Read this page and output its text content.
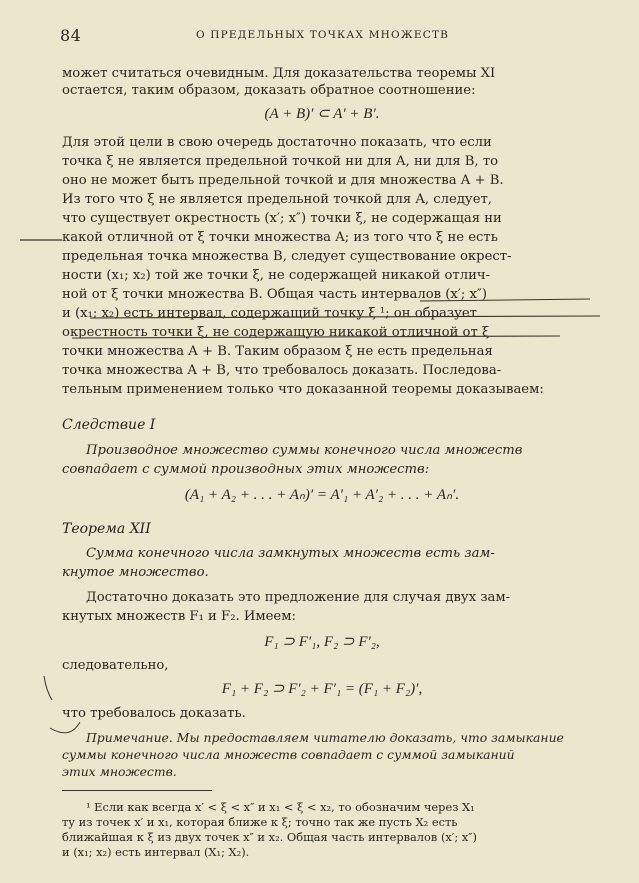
84	О ПРЕДЕЛЬНЫХ ТОЧКАХ МНОЖЕСТВ
может считаться очевидным. Для доказательства теоремы XI
остается, таким образом, доказать обратное соотношение:
(A + B)′ ⊂ A′ + B′.
Для этой цели в свою очередь достаточно показать, что если
точка ξ не является предельной точкой ни для A, ни для B, то
оно не может быть предельной точкой и для множества A + B.
Из того что ξ не является предельной точкой для A, следует,
что существует окрестность (x′; x″) точки ξ, не содержащая ни
какой отличной от ξ точки множества A; из того что ξ не есть
предельная точка множества B, следует существование окрест-
ности (x₁; x₂) той же точки ξ, не содержащей никакой отлич-
ной от ξ точки множества B. Общая часть интервалов (x′; x″)
и (x₁; x₂) есть интервал, содержащий точку ξ ¹; он образует
окрестность точки ξ, не содержащую никакой отличной от ξ
точки множества A + B. Таким образом ξ не есть предельная
точка множества A + B, что требовалось доказать. Последова-
тельным применением только что доказанной теоремы доказываем:
Следствие I
Производное множество суммы конечного числа множеств
совпадает с суммой производных этих множеств:
(A₁ + A₂ + . . . + Aₙ)′ = A′₁ + A′₂ + . . . + Aₙ′.
Теорема XII
Сумма конечного числа замкнутых множеств есть зам-
кнутое множество.
Достаточно доказать это предложение для случая двух зам-
кнутых множеств F₁ и F₂. Имеем:
F₁ ⊃ F′₁, F₂ ⊃ F′₂,
следовательно,
F₁ + F₂ ⊃ F′₂ + F′₁ = (F₁ + F₂)′,
что требовалось доказать.
Примечание. Мы предоставляем читателю доказать, что замыкание
суммы конечного числа множеств совпадает с суммой замыканий
этих множеств.
¹ Если как всегда x′ < ξ < x″ и x₁ < ξ < x₂, то обозначим через X₁
ту из точек x′ и x₁, которая ближе к ξ; точно так же пусть X₂ есть
ближайшая к ξ из двух точек x″ и x₂. Общая часть интервалов (x′; x″)
и (x₁; x₂) есть интервал (X₁; X₂).
